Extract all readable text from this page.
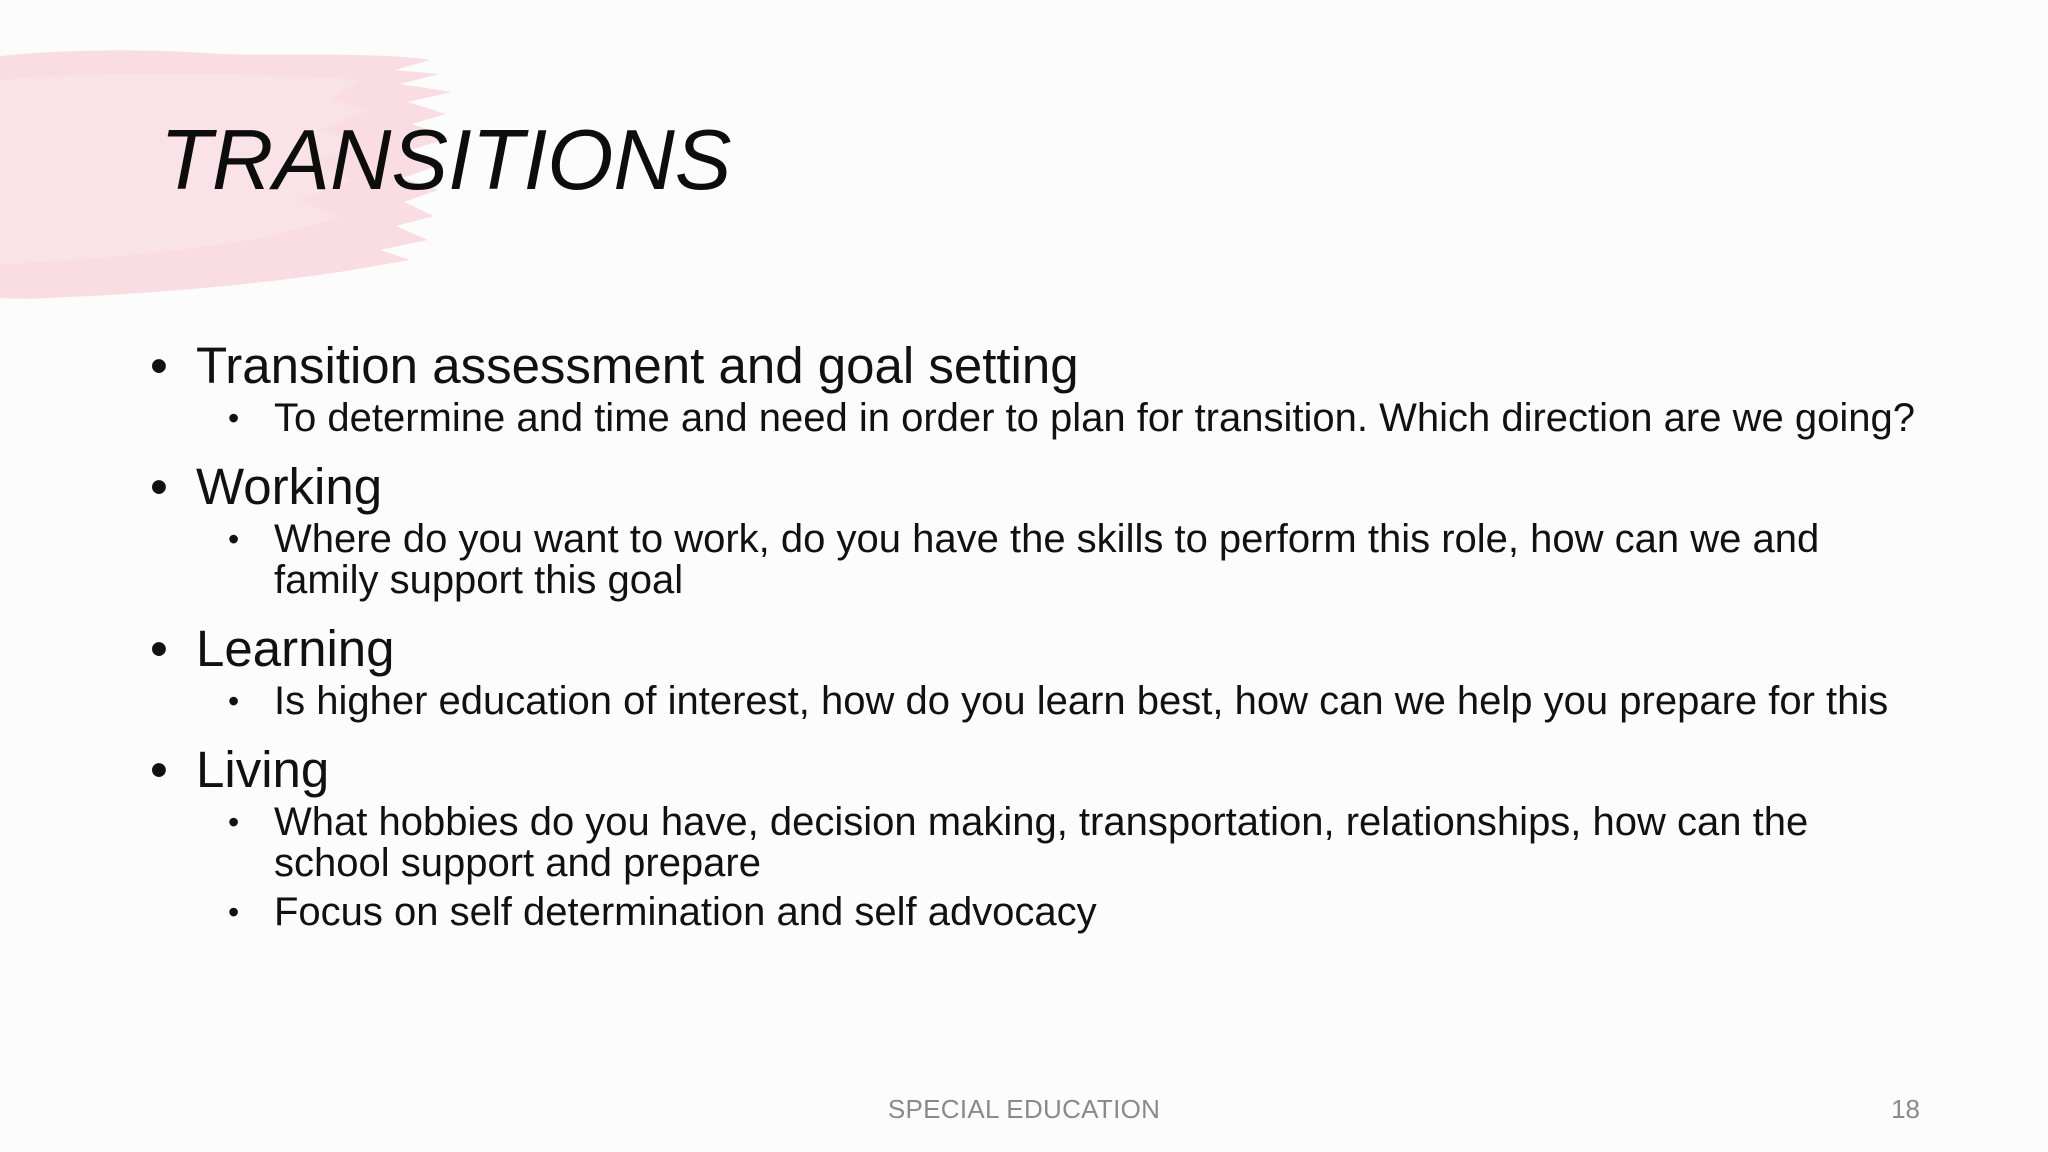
TRANSITIONS
• Transition assessment and goal setting
• To determine and time and need in order to plan for transition. Which direction are we going?
• Working
• Where do you want to work, do you have the skills to perform this role, how can we and family support this goal
• Learning
• Is higher education of interest, how do you learn best, how can we help you prepare for this
• Living
• What hobbies do you have, decision making, transportation, relationships, how can the school support and prepare
• Focus on self determination and self advocacy
SPECIAL EDUCATION	18
